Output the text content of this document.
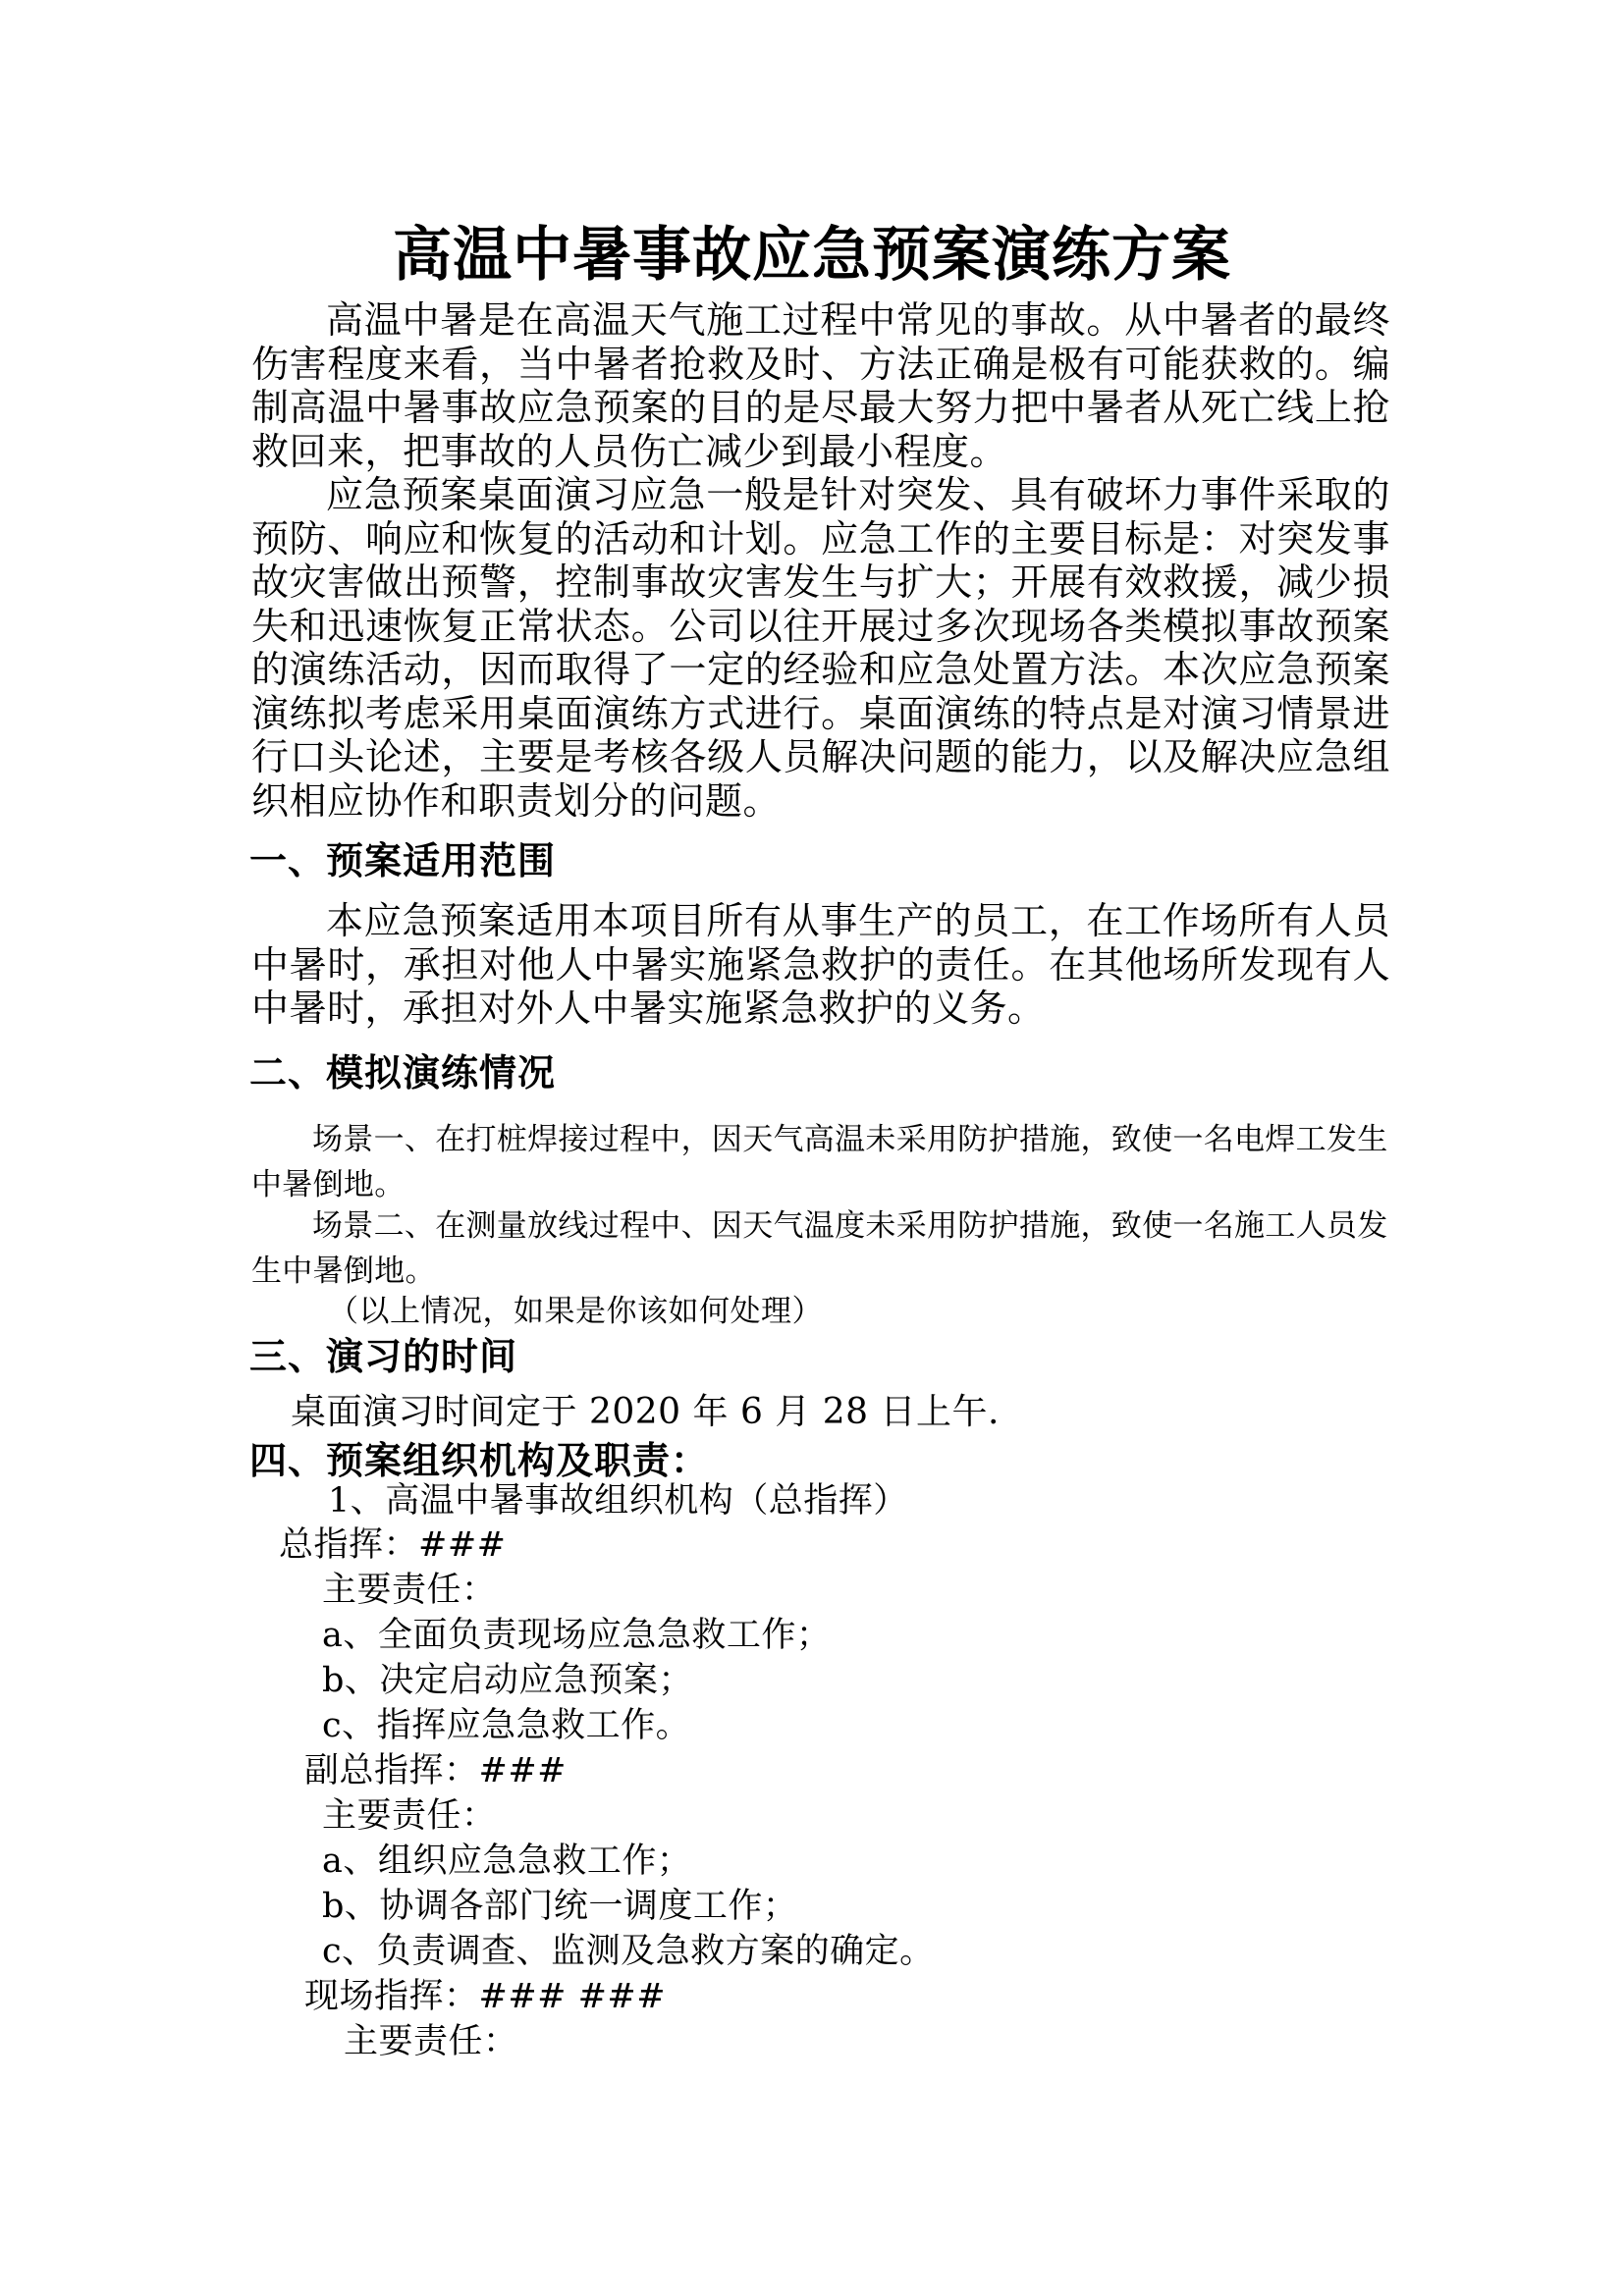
高温中暑事故应急预案演练方案
高温中暑是在高温天气施工过程中常见的事故。从中暑者的最终伤害程度来看，当中暑者抢救及时、方法正确是极有可能获救的。编制高温中暑事故应急预案的目的是尽最大努力把中暑者从死亡线上抢救回来，把事故的人员伤亡减少到最小程度。
应急预案桌面演习应急一般是针对突发、具有破坏力事件采取的预防、响应和恢复的活动和计划。应急工作的主要目标是：对突发事故灾害做出预警，控制事故灾害发生与扩大；开展有效救援，减少损失和迅速恢复正常状态。公司以往开展过多次现场各类模拟事故预案的演练活动，因而取得了一定的经验和应急处置方法。本次应急预案演练拟考虑采用桌面演练方式进行。桌面演练的特点是对演习情景进行口头论述，主要是考核各级人员解决问题的能力，以及解决应急组织相应协作和职责划分的问题。
一、预案适用范围
本应急预案适用本项目所有从事生产的员工，在工作场所有人员中暑时，承担对他人中暑实施紧急救护的责任。在其他场所发现有人中暑时，承担对外人中暑实施紧急救护的义务。
二、模拟演练情况
场景一、在打桩焊接过程中，因天气高温未采用防护措施，致使一名电焊工发生中暑倒地。
场景二、在测量放线过程中、因天气温度未采用防护措施，致使一名施工人员发生中暑倒地。
（以上情况，如果是你该如何处理）
三、演习的时间
桌面演习时间定于 2020 年 6 月 28 日上午.
四、预案组织机构及职责：
1、高温中暑事故组织机构（总指挥）
总指挥：###
主要责任：
a、全面负责现场应急急救工作；
b、决定启动应急预案；
c、指挥应急急救工作。
副总指挥：###
主要责任：
a、组织应急急救工作；
b、协调各部门统一调度工作；
c、负责调查、监测及急救方案的确定。
现场指挥：### ###
主要责任：
